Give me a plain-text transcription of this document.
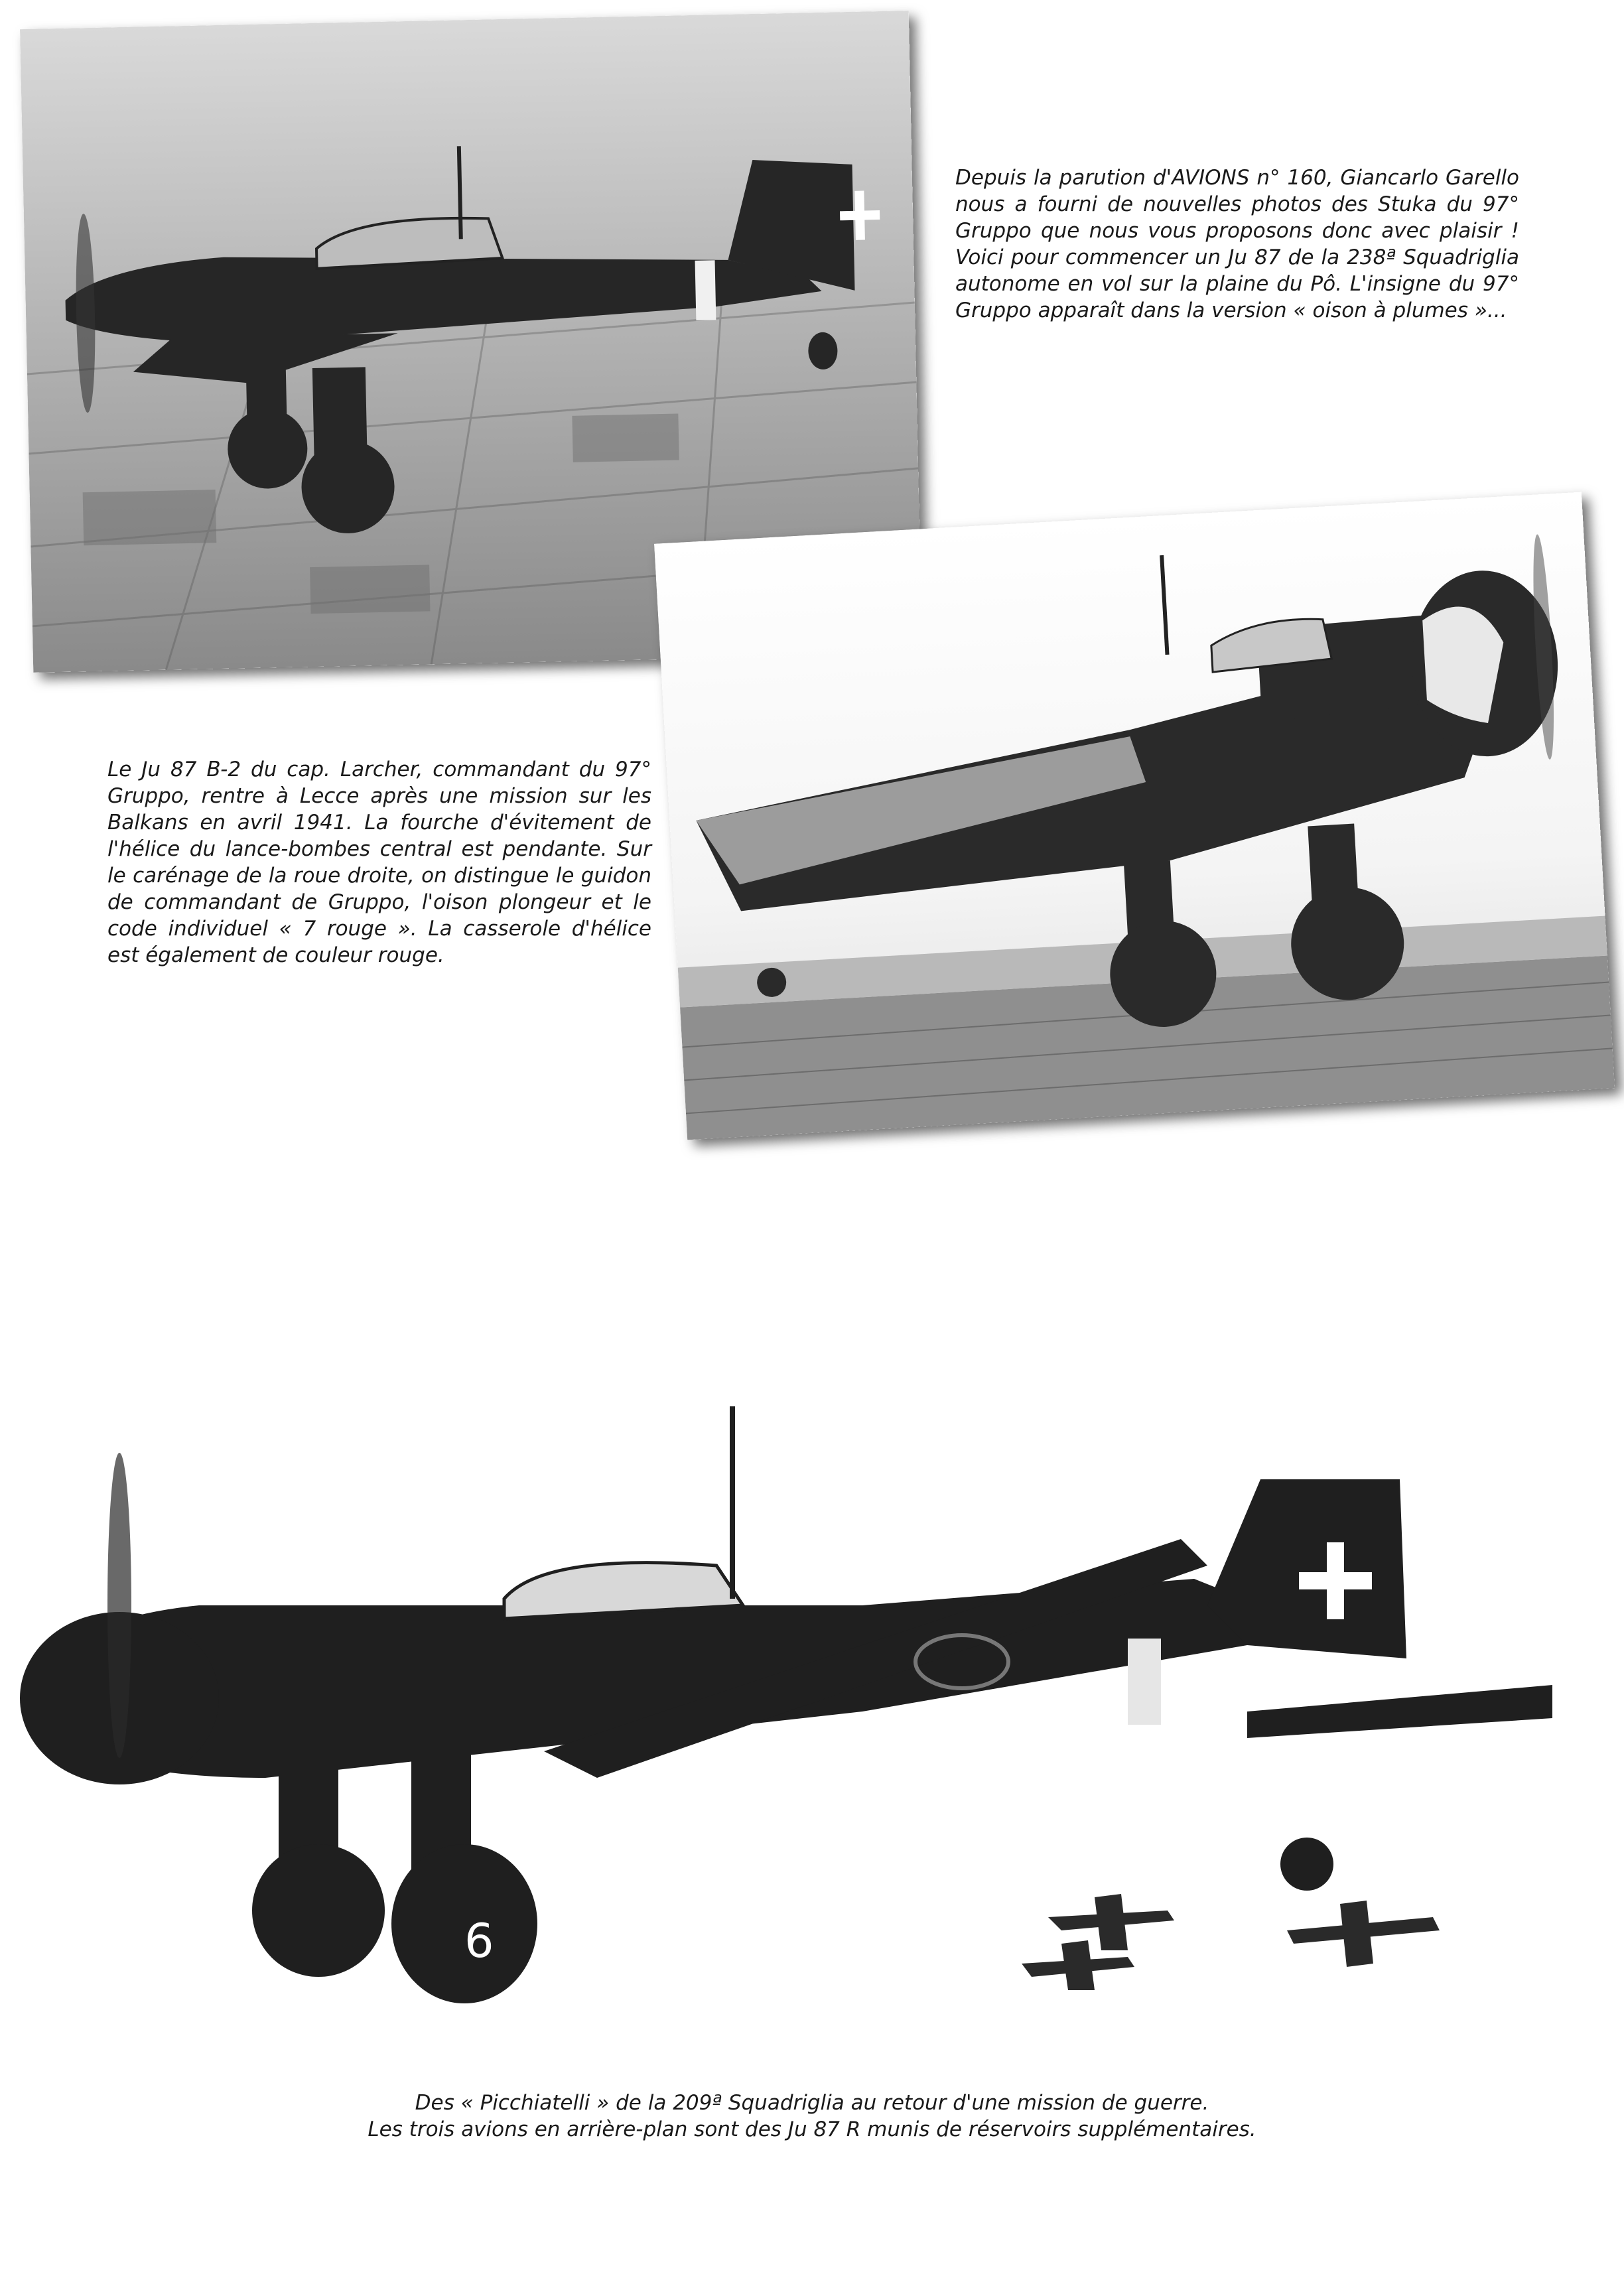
6
Depuis la parution d'AVIONS n° 160, Giancarlo Garello nous a fourni de nouvelles photos des Stuka du 97° Gruppo que nous vous proposons donc avec plaisir ! Voici pour commencer un Ju 87 de la 238ª Squadriglia autonome en vol sur la plaine du Pô. L'insigne du 97° Gruppo apparaît dans la version « oison à plumes »...
Le Ju 87 B-2 du cap. Larcher, commandant du 97° Gruppo, rentre à Lecce après une mission sur les Balkans en avril 1941. La fourche d'évitement de l'hélice du lance-bombes central est pendante. Sur le carénage de la roue droite, on distingue le guidon de commandant de Gruppo, l'oison plongeur et le code individuel « 7 rouge ». La casserole d'hélice est également de couleur rouge.
Des « Picchiatelli » de la 209ª Squadriglia au retour d'une mission de guerre.
Les trois avions en arrière-plan sont des Ju 87 R munis de réservoirs supplémentaires.
